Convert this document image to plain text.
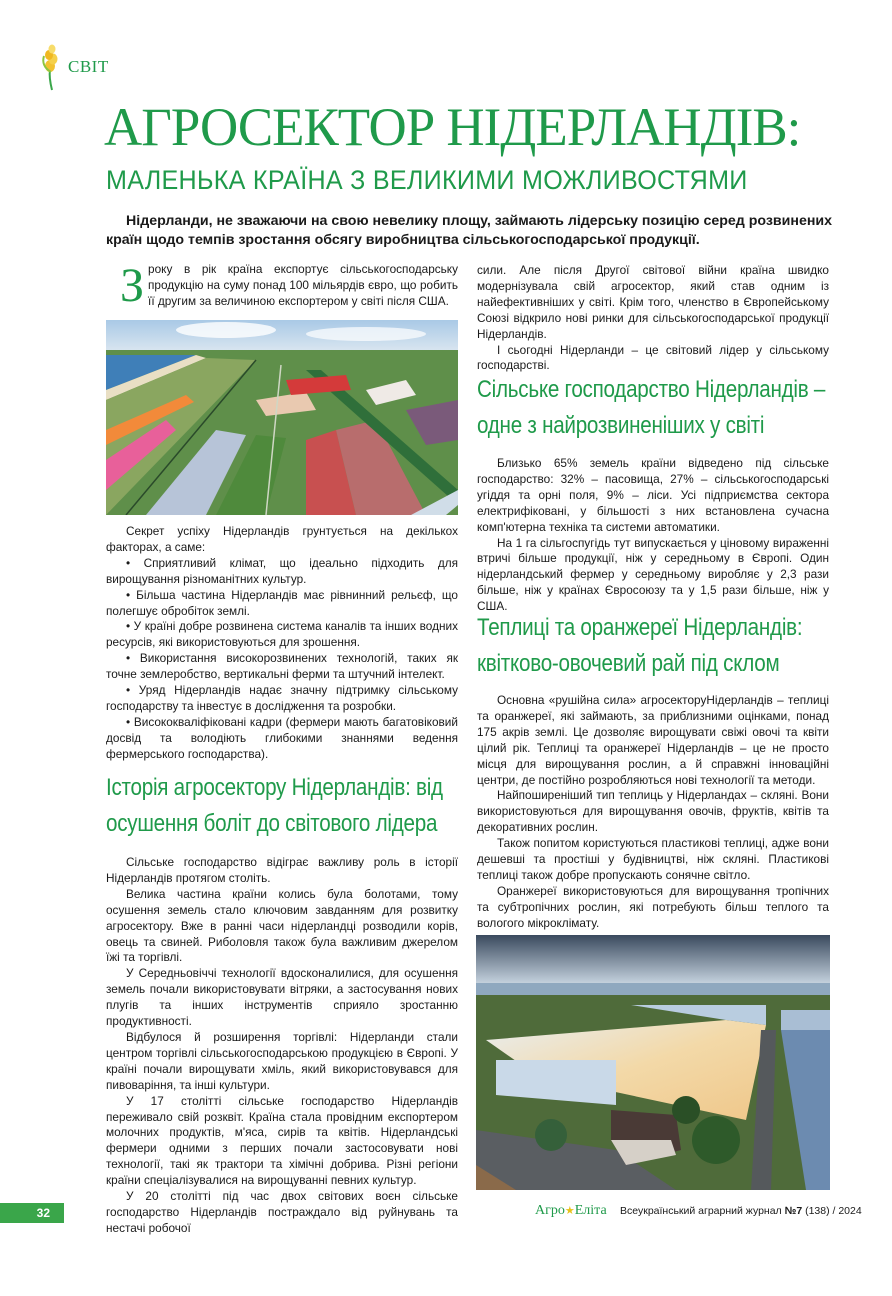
СВІТ
АГРОСЕКТОР НІДЕРЛАНДІВ:
МАЛЕНЬКА КРАЇНА З ВЕЛИКИМИ МОЖЛИВОСТЯМИ

Нідерланди, не зважаючи на свою невелику площу, займають лідерську позицію серед розвинених країн щодо темпів зростання обсягу виробництва сільськогосподарської продукції.

З року в рік країна експортує сільськогосподарську продукцію на суму понад 100 мільярдів євро, що робить її другим за величиною експортером у світі після США.

Секрет успіху Нідерландів грунтується на декількох факторах, а саме:

• Сприятливий клімат, що ідеально підходить для вирощування різноманітних культур.

• Більша частина Нідерландів має рівнинний рельєф, що полегшує обробіток землі.

• У країні добре розвинена система каналів та інших водних ресурсів, які використовуються для зрошення.

• Використання високорозвинених технологій, таких як точне землеробство, вертикальні ферми та штучний інтелект.

• Уряд Нідерландів надає значну підтримку сільському господарству та інвестує в дослідження та розробки.

• Висококваліфіковані кадри (фермери мають багатовіковий досвід та володіють глибокими знаннями ведення фермерського господарства).

Історія агросектору Нідерландів: від
осушення боліт до світового лідера

Сільське господарство відіграє важливу роль в історії Нідерландів протягом століть.

Велика частина країни колись була болотами, тому осушення земель стало ключовим завданням для розвитку агросектору. Вже в ранні часи нідерландці розводили корів, овець та свиней. Риболовля також була важливим джерелом їжі та торгівлі.

У Середньовіччі технології вдосконалилися, для осушення земель почали використовувати вітряки, а застосування нових плугів та інших інструментів сприяло зростанню продуктивності.

Відбулося й розширення торгівлі: Нідерланди стали центром торгівлі сільськогосподарською продукцією в Європі. У країні почали вирощувати хміль, який використовувався для пивоваріння, та інші культури.

У 17 столітті сільське господарство Нідерландів переживало свій розквіт. Країна стала провідним експортером молочних продуктів, м'яса, сирів та квітів. Нідерландські фермери одними з перших почали застосовувати нові технології, такі як трактори та хімічні добрива. Різні регіони країни спеціалізувалися на вирощуванні певних культур.

У 20 столітті під час двох світових воєн сільське господарство Нідерландів постраждало від руйнувань та нестачі робочої

сили. Але після Другої світової війни країна швидко модернізувала свій агросектор, який став одним із найефективніших у світі. Крім того, членство в Європейському Союзі відкрило нові ринки для сільськогосподарської продукції Нідерландів.

І сьогодні Нідерланди – це світовий лідер у сільському господарстві.

Сільське господарство Нідерландів –
одне з найрозвиненіших у світі

Близько 65% земель країни відведено під сільське господарство: 32% – пасовища, 27% – сільськогосподарські угіддя та орні поля, 9% – ліси. Усі підприємства сектора електрифіковані, у більшості з них встановлена сучасна комп'ютерна техніка та системи автоматики.

На 1 га сільгоспугідь тут випускається у ціновому вираженні втричі більше продукції, ніж у середньому в Європі. Один нідерландський фермер у середньому виробляє у 2,3 рази більше, ніж у країнах Євросоюзу та у 1,5 рази більше, ніж у США.

Теплиці та оранжереї Нідерландів:
квітково-овочевий рай під склом

Основна «рушійна сила» агросекторуНідерландів – теплиці та оранжереї, які займають, за приблизними оцінками, понад 175 акрів землі. Це дозволяє вирощувати свіжі овочі та квіти цілий рік. Теплиці та оранжереї Нідерландів – це не просто місця для вирощування рослин, а й справжні інноваційні центри, де постійно розробляються нові технології та методи.

Найпоширеніший тип теплиць у Нідерландах – скляні. Вони використовуються для вирощування овочів, фруктів, квітів та декоративних рослин.

Також попитом користуються пластикові теплиці, адже вони дешевші та простіші у будівництві, ніж скляні. Пластикові теплиці також добре пропускають сонячне світло.

Оранжереї використовуються для вирощування тропічних та субтропічних рослин, які потребують більш теплого та вологого мікроклімату.

32	Агро★Еліта Всеукраїнський аграрний журнал №7 (138) / 2024
